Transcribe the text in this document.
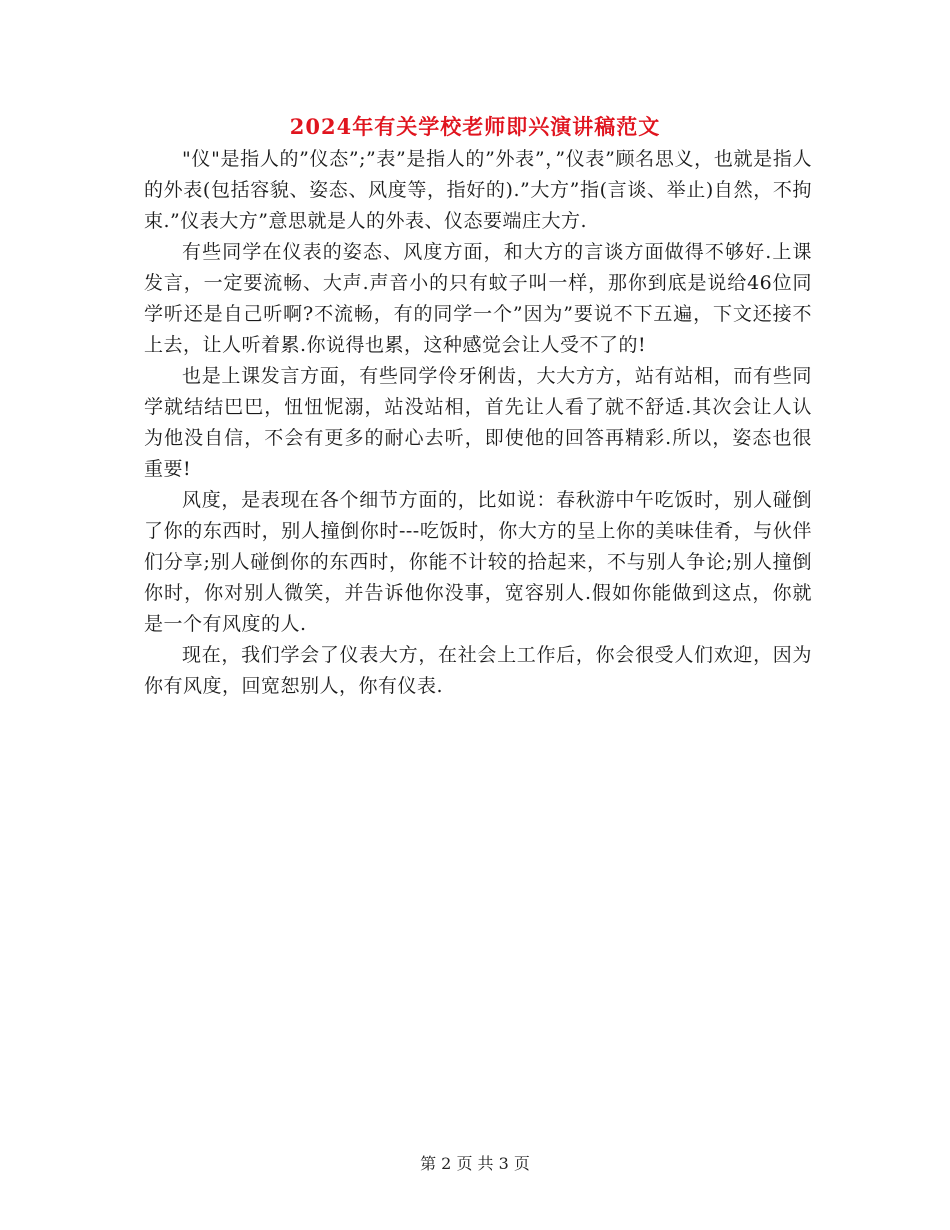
2024年有关学校老师即兴演讲稿范文

"仪"是指人的”仪态”;”表”是指人的”外表”，”仪表”顾名思义，也就是指人的外表(包括容貌、姿态、风度等，指好的).”大方”指(言谈、举止)自然，不拘束.”仪表大方”意思就是人的外表、仪态要端庄大方.

有些同学在仪表的姿态、风度方面，和大方的言谈方面做得不够好.上课发言，一定要流畅、大声.声音小的只有蚊子叫一样，那你到底是说给46位同学听还是自己听啊?不流畅，有的同学一个”因为”要说不下五遍，下文还接不上去，让人听着累.你说得也累，这种感觉会让人受不了的!

也是上课发言方面，有些同学伶牙俐齿，大大方方，站有站相，而有些同学就结结巴巴，忸忸怩溺，站没站相，首先让人看了就不舒适.其次会让人认为他没自信，不会有更多的耐心去听，即使他的回答再精彩.所以，姿态也很重要!

风度，是表现在各个细节方面的，比如说：春秋游中午吃饭时，别人碰倒了你的东西时，别人撞倒你时---吃饭时，你大方的呈上你的美味佳肴，与伙伴们分享;别人碰倒你的东西时，你能不计较的拾起来，不与别人争论;别人撞倒你时，你对别人微笑，并告诉他你没事，宽容别人.假如你能做到这点，你就是一个有风度的人.

现在，我们学会了仪表大方，在社会上工作后，你会很受人们欢迎，因为你有风度，回宽恕别人，你有仪表.

第 2 页 共 3 页
